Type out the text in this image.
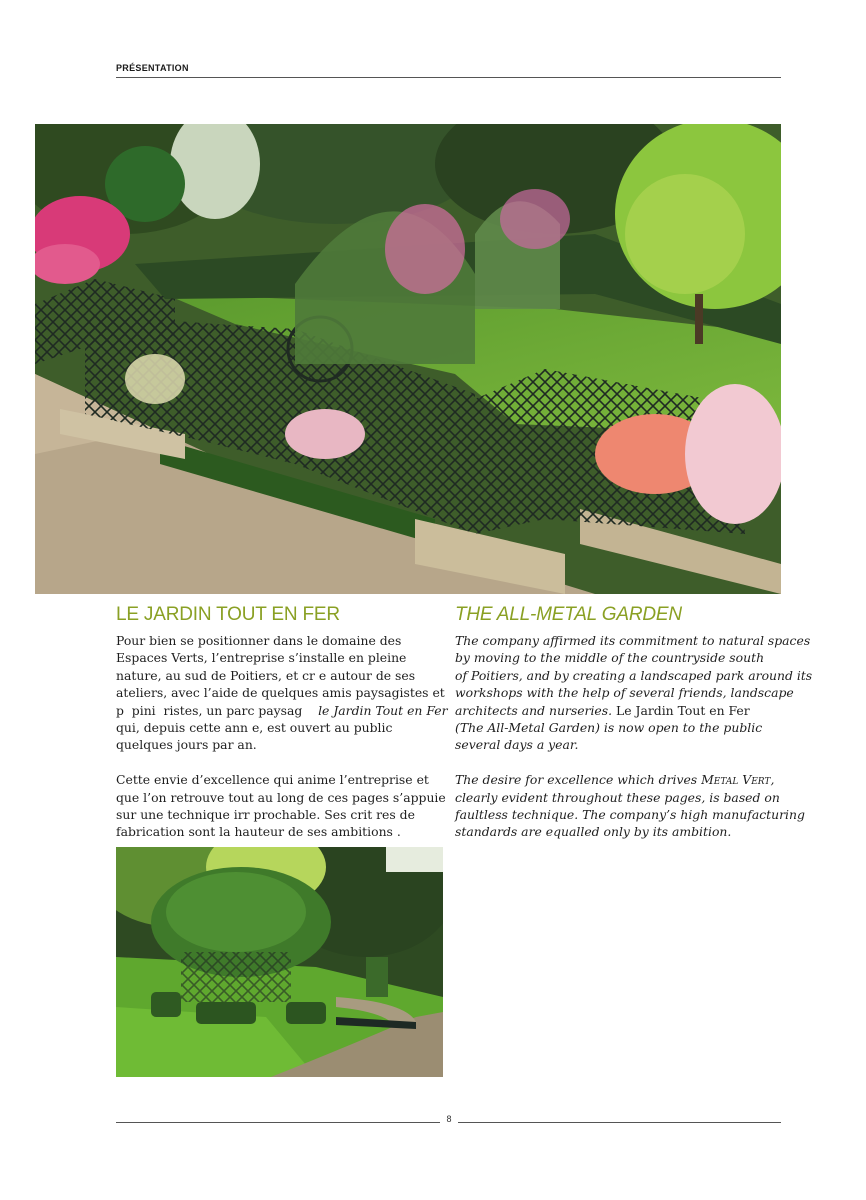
PRÉSENTATION
LE JARDIN TOUT EN FER	THE ALL-METAL GARDEN

Pour bien se positionner dans le domaine des

Espaces Verts, l’entreprise s’installe en pleine

nature, au sud de Poitiers, et cr e autour de ses

ateliers, avec l’aide de quelques amis paysagistes et

p  pini  ristes, un parc paysag    le Jardin Tout en Fer

qui, depuis cette ann e, est ouvert au public

quelques jours par an.

Cette envie d’excellence qui anime l’entreprise et

que l’on retrouve tout au long de ces pages s’appuie

sur une technique irr prochable. Ses crit res de

fabrication sont la hauteur de ses ambitions .

The company affirmed its commitment to natural spaces

by moving to the middle of the countryside south

of Poitiers, and by creating a landscaped park around its

workshops with the help of several friends, landscape

architects and nurseries. Le Jardin Tout en Fer

(The All-Metal Garden) is now open to the public

several days a year.

The desire for excellence which drives Metal Vert,

clearly evident throughout these pages, is based on

faultless technique. The company’s high manufacturing

standards are equalled only by its ambition.

8
